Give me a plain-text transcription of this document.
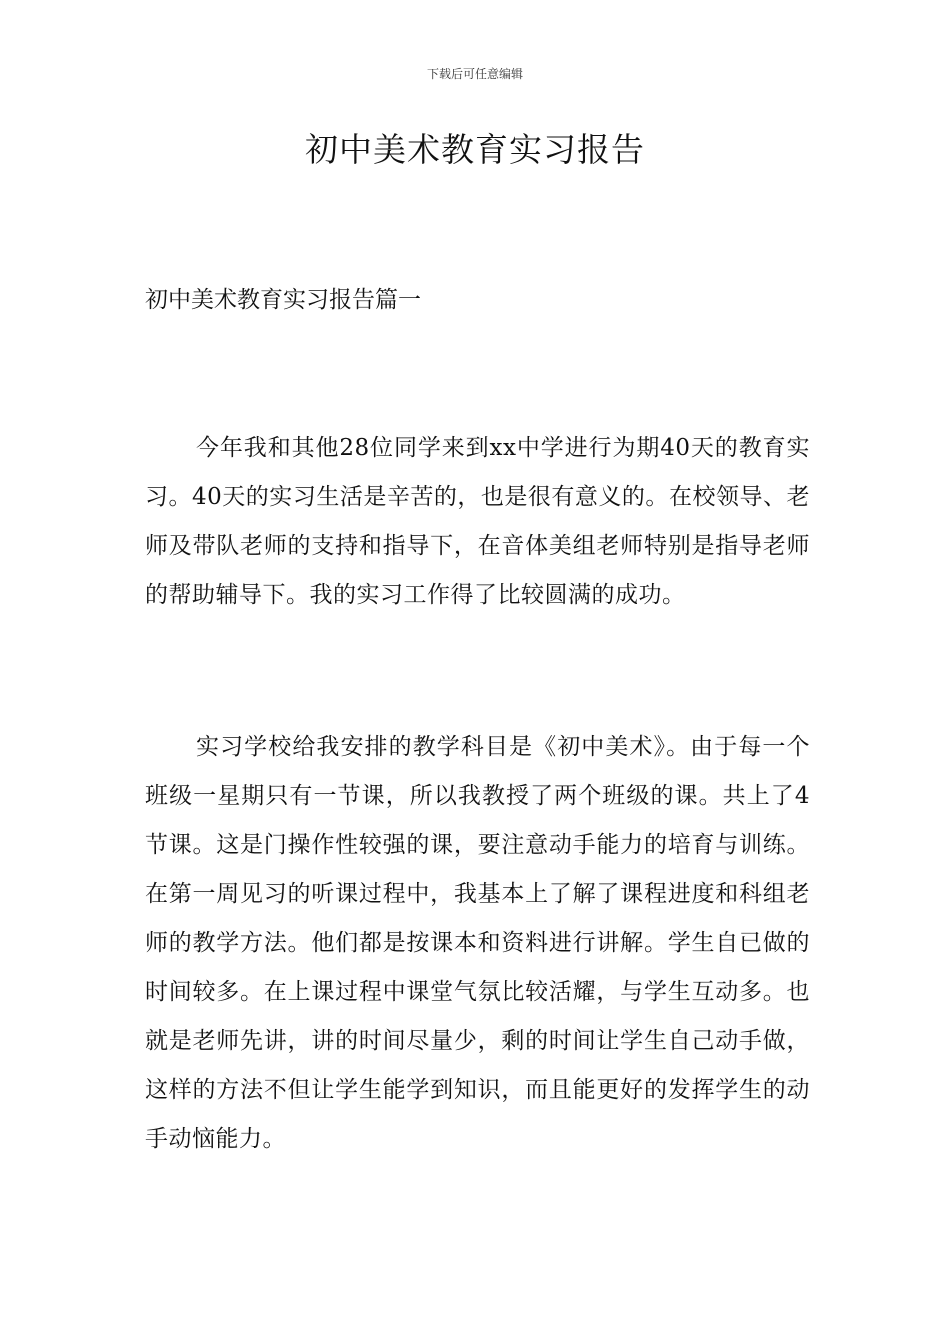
下载后可任意编辑
初中美术教育实习报告
初中美术教育实习报告篇一

今年我和其他28位同学来到xx中学进行为期40天的教育实习。40天的实习生活是辛苦的，也是很有意义的。在校领导、老师及带队老师的支持和指导下，在音体美组老师特别是指导老师的帮助辅导下。我的实习工作得了比较圆满的成功。

实习学校给我安排的教学科目是《初中美术》。由于每一个班级一星期只有一节课，所以我教授了两个班级的课。共上了4节课。这是门操作性较强的课，要注意动手能力的培育与训练。在第一周见习的听课过程中，我基本上了解了课程进度和科组老师的教学方法。他们都是按课本和资料进行讲解。学生自已做的时间较多。在上课过程中课堂气氛比较活耀，与学生互动多。也就是老师先讲，讲的时间尽量少，剩的时间让学生自己动手做，这样的方法不但让学生能学到知识，而且能更好的发挥学生的动手动恼能力。
